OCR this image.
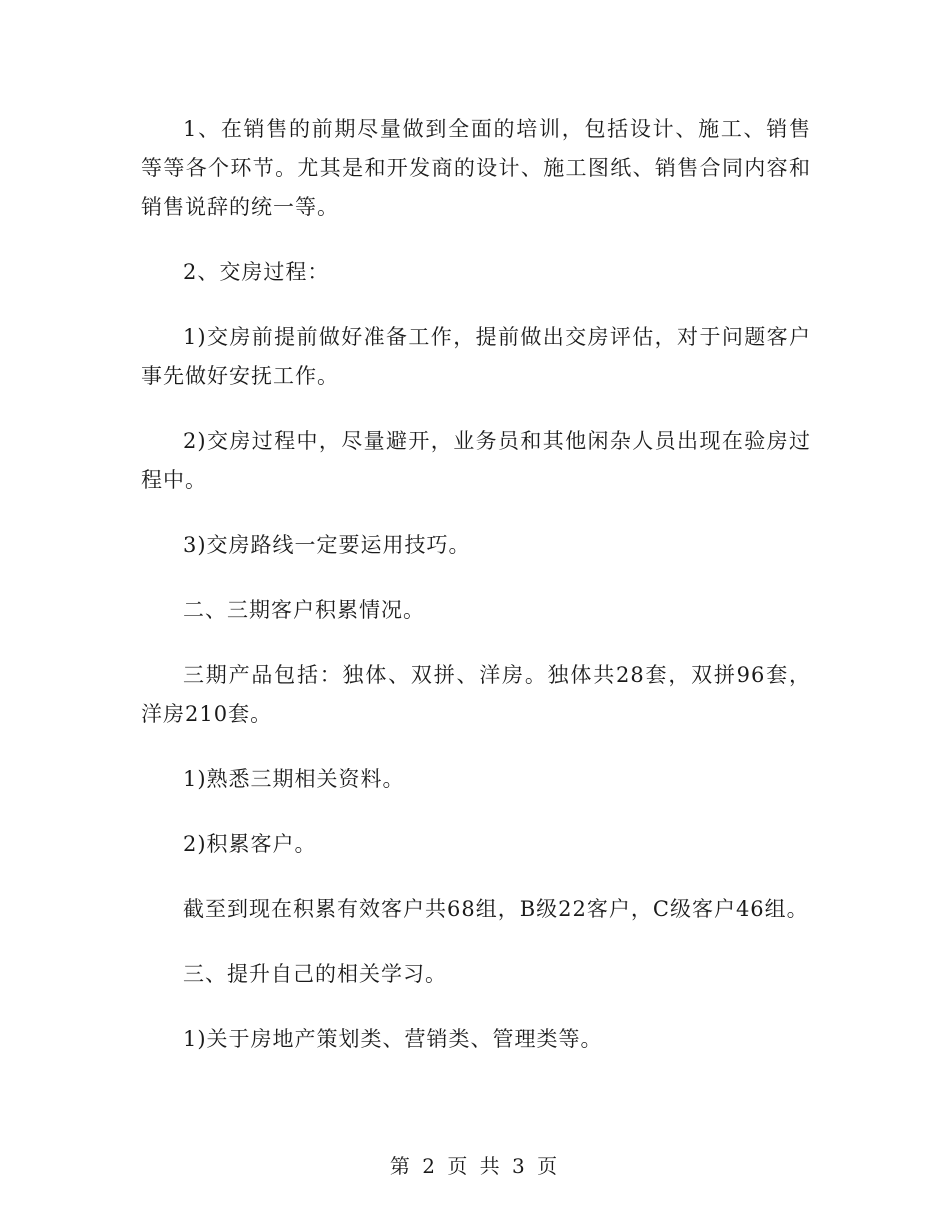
1、在销售的前期尽量做到全面的培训，包括设计、施工、销售等等各个环节。尤其是和开发商的设计、施工图纸、销售合同内容和销售说辞的统一等。

2、交房过程：

1)交房前提前做好准备工作，提前做出交房评估，对于问题客户事先做好安抚工作。

2)交房过程中，尽量避开，业务员和其他闲杂人员出现在验房过程中。

3)交房路线一定要运用技巧。

二、三期客户积累情况。

三期产品包括：独体、双拼、洋房。独体共28套，双拼96套，洋房210套。

1)熟悉三期相关资料。

2)积累客户。

截至到现在积累有效客户共68组，B级22客户，C级客户46组。

三、提升自己的相关学习。

1)关于房地产策划类、营销类、管理类等。

第 2 页 共 3 页
